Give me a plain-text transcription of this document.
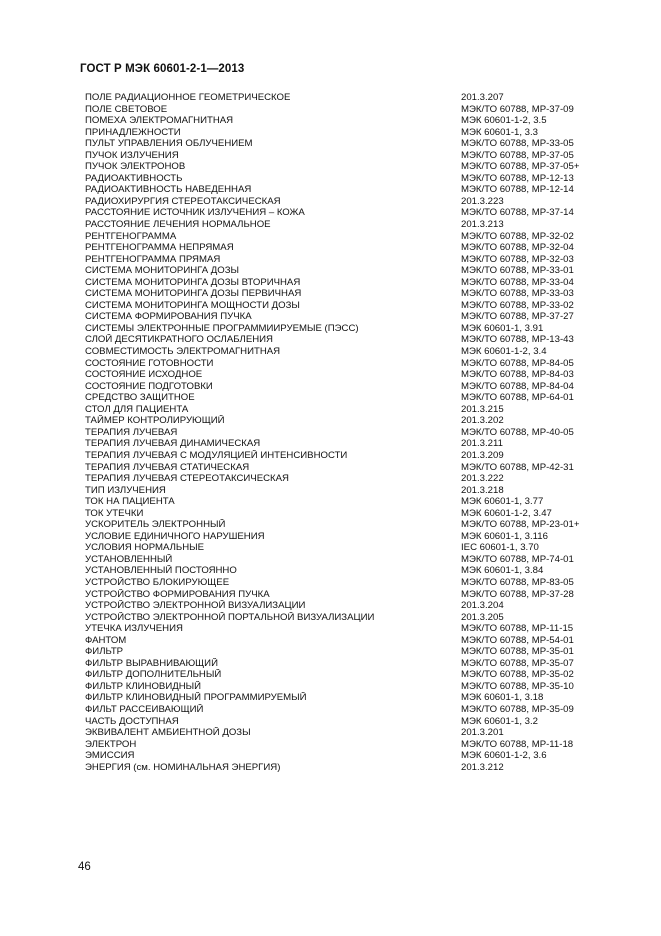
ГОСТ Р МЭК 60601-2-1—2013
ПОЛЕ РАДИАЦИОННОЕ ГЕОМЕТРИЧЕСКОЕ	201.3.207
ПОЛЕ СВЕТОВОЕ	МЭК/ТО 60788, МР-37-09
ПОМЕХА ЭЛЕКТРОМАГНИТНАЯ	МЭК 60601-1-2, 3.5
ПРИНАДЛЕЖНОСТИ	МЭК 60601-1, 3.3
ПУЛЬТ УПРАВЛЕНИЯ ОБЛУЧЕНИЕМ	МЭК/ТО 60788, МР-33-05
ПУЧОК ИЗЛУЧЕНИЯ	МЭК/ТО 60788, МР-37-05
ПУЧОК ЭЛЕКТРОНОВ	МЭК/ТО 60788, МР-37-05+
РАДИОАКТИВНОСТЬ	МЭК/ТО 60788, МР-12-13
РАДИОАКТИВНОСТЬ НАВЕДЕННАЯ	МЭК/ТО 60788, МР-12-14
РАДИОХИРУРГИЯ СТЕРЕОТАКСИЧЕСКАЯ	201.3.223
РАССТОЯНИЕ ИСТОЧНИК ИЗЛУЧЕНИЯ – КОЖА	МЭК/ТО 60788, МР-37-14
РАССТОЯНИЕ ЛЕЧЕНИЯ НОРМАЛЬНОЕ	201.3.213
РЕНТГЕНОГРАММА	МЭК/ТО 60788, МР-32-02
РЕНТГЕНОГРАММА НЕПРЯМАЯ	МЭК/ТО 60788, МР-32-04
РЕНТГЕНОГРАММА ПРЯМАЯ	МЭК/ТО 60788, МР-32-03
СИСТЕМА МОНИТОРИНГА ДОЗЫ	МЭК/ТО 60788, МР-33-01
СИСТЕМА МОНИТОРИНГА ДОЗЫ ВТОРИЧНАЯ	МЭК/ТО 60788, МР-33-04
СИСТЕМА МОНИТОРИНГА ДОЗЫ ПЕРВИЧНАЯ	МЭК/ТО 60788, МР-33-03
СИСТЕМА МОНИТОРИНГА МОЩНОСТИ ДОЗЫ	МЭК/ТО 60788, МР-33-02
СИСТЕМА ФОРМИРОВАНИЯ ПУЧКА	МЭК/ТО 60788, МР-37-27
СИСТЕМЫ ЭЛЕКТРОННЫЕ ПРОГРАММИИРУЕМЫЕ (ПЭСС)	МЭК 60601-1, 3.91
СЛОЙ ДЕСЯТИКРАТНОГО ОСЛАБЛЕНИЯ	МЭК/ТО 60788, МР-13-43
СОВМЕСТИМОСТЬ ЭЛЕКТРОМАГНИТНАЯ	МЭК 60601-1-2, 3.4
СОСТОЯНИЕ ГОТОВНОСТИ	МЭК/ТО 60788, МР-84-05
СОСТОЯНИЕ ИСХОДНОЕ	МЭК/ТО 60788, МР-84-03
СОСТОЯНИЕ ПОДГОТОВКИ	МЭК/ТО 60788, МР-84-04
СРЕДСТВО ЗАЩИТНОЕ	МЭК/ТО 60788, МР-64-01
СТОЛ ДЛЯ ПАЦИЕНТА	201.3.215
ТАЙМЕР КОНТРОЛИРУЮЩИЙ	201.3.202
ТЕРАПИЯ ЛУЧЕВАЯ	МЭК/ТО 60788, МР-40-05
ТЕРАПИЯ ЛУЧЕВАЯ ДИНАМИЧЕСКАЯ	201.3.211
ТЕРАПИЯ ЛУЧЕВАЯ С МОДУЛЯЦИЕЙ ИНТЕНСИВНОСТИ	201.3.209
ТЕРАПИЯ ЛУЧЕВАЯ СТАТИЧЕСКАЯ	МЭК/ТО 60788, МР-42-31
ТЕРАПИЯ ЛУЧЕВАЯ СТЕРЕОТАКСИЧЕСКАЯ	201.3.222
ТИП ИЗЛУЧЕНИЯ	201.3.218
ТОК НА ПАЦИЕНТА	МЭК 60601-1, 3.77
ТОК УТЕЧКИ	МЭК 60601-1-2, 3.47
УСКОРИТЕЛЬ ЭЛЕКТРОННЫЙ	МЭК/ТО 60788, МР-23-01+
УСЛОВИЕ ЕДИНИЧНОГО НАРУШЕНИЯ	МЭК 60601-1, 3.116
УСЛОВИЯ НОРМАЛЬНЫЕ	IEC 60601-1, 3.70
УСТАНОВЛЕННЫЙ	МЭК/ТО 60788, МР-74-01
УСТАНОВЛЕННЫЙ ПОСТОЯННО	МЭК 60601-1, 3.84
УСТРОЙСТВО БЛОКИРУЮЩЕЕ	МЭК/ТО 60788, МР-83-05
УСТРОЙСТВО ФОРМИРОВАНИЯ ПУЧКА	МЭК/ТО 60788, МР-37-28
УСТРОЙСТВО ЭЛЕКТРОННОЙ ВИЗУАЛИЗАЦИИ	201.3.204
УСТРОЙСТВО ЭЛЕКТРОННОЙ ПОРТАЛЬНОЙ ВИЗУАЛИЗАЦИИ	201.3.205
УТЕЧКА ИЗЛУЧЕНИЯ	МЭК/ТО 60788, МР-11-15
ФАНТОМ	МЭК/ТО 60788, МР-54-01
ФИЛЬТР	МЭК/ТО 60788, МР-35-01
ФИЛЬТР ВЫРАВНИВАЮЩИЙ	МЭК/ТО 60788, МР-35-07
ФИЛЬТР ДОПОЛНИТЕЛЬНЫЙ	МЭК/ТО 60788, МР-35-02
ФИЛЬТР КЛИНОВИДНЫЙ	МЭК/ТО 60788, МР-35-10
ФИЛЬТР КЛИНОВИДНЫЙ ПРОГРАММИРУЕМЫЙ	МЭК 60601-1, 3.18
ФИЛЬТ РАССЕИВАЮЩИЙ	МЭК/ТО 60788, МР-35-09
ЧАСТЬ ДОСТУПНАЯ	МЭК 60601-1, 3.2
ЭКВИВАЛЕНТ АМБИЕНТНОЙ ДОЗЫ	201.3.201
ЭЛЕКТРОН	МЭК/ТО 60788, МР-11-18
ЭМИССИЯ	МЭК 60601-1-2, 3.6
ЭНЕРГИЯ (см. НОМИНАЛЬНАЯ ЭНЕРГИЯ)	201.3.212
46
